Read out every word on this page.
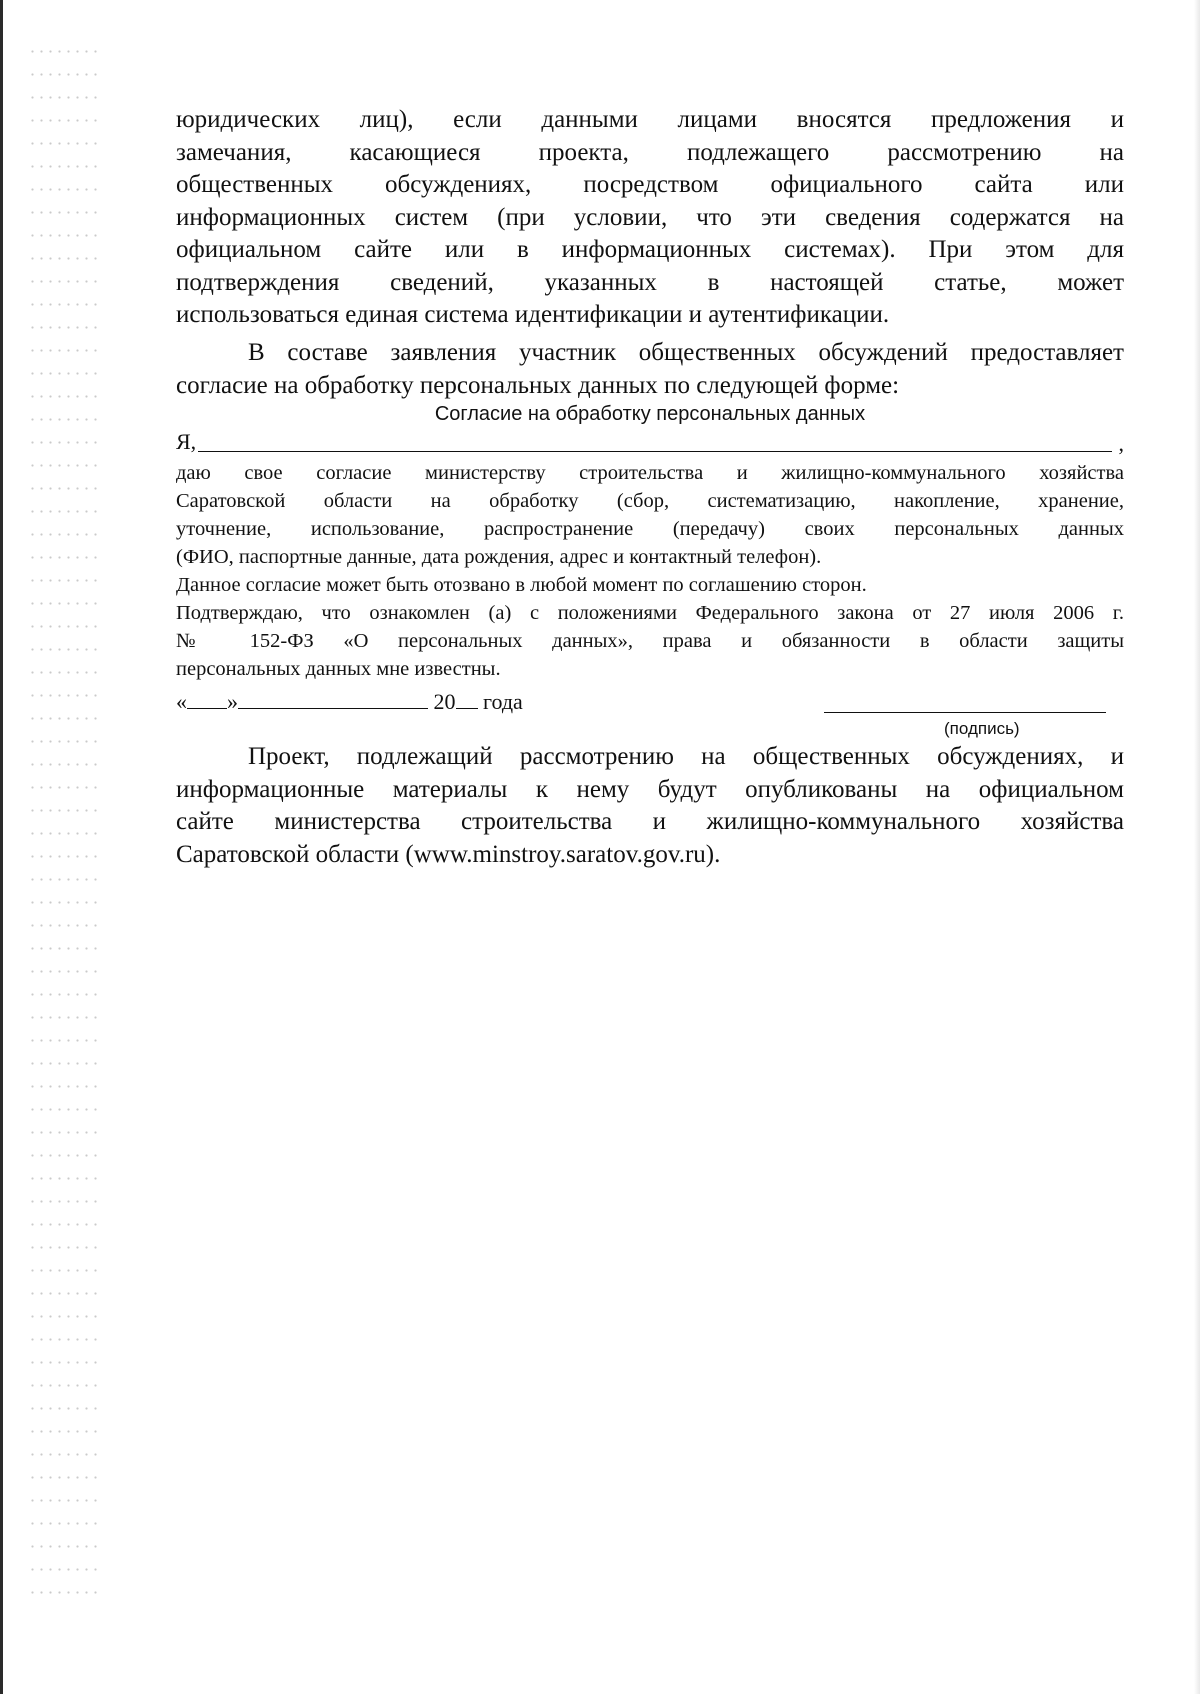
юридических лиц), если данными лицами вносятся предложения и
замечания, касающиеся проекта, подлежащего рассмотрению на
общественных обсуждениях, посредством официального сайта или
информационных систем (при условии, что эти сведения содержатся на
официальном сайте или в информационных системах). При этом для
подтверждения сведений, указанных в настоящей статье, может
использоваться единая система идентификации и аутентификации.
В составе заявления участник общественных обсуждений предоставляет
согласие на обработку персональных данных по следующей форме:
Согласие на обработку персональных данных
Я,	,
даю свое согласие министерству строительства и жилищно-коммунального хозяйства
Саратовской области на обработку (сбор, систематизацию, накопление, хранение,
уточнение, использование, распространение (передачу) своих персональных данных
(ФИО, паспортные данные, дата рождения, адрес и контактный телефон).
Данное согласие может быть отозвано в любой момент по соглашению сторон.
Подтверждаю, что ознакомлен (а) с положениями Федерального закона от 27 июля 2006 г.
№ 152-ФЗ «О персональных данных», права и обязанности в области защиты
персональных данных мне известны.
« »	20 года
(подпись)
Проект, подлежащий рассмотрению на общественных обсуждениях, и
информационные материалы к нему будут опубликованы на официальном
сайте министерства строительства и жилищно-коммунального хозяйства
Саратовской области (www.minstroy.saratov.gov.ru).
